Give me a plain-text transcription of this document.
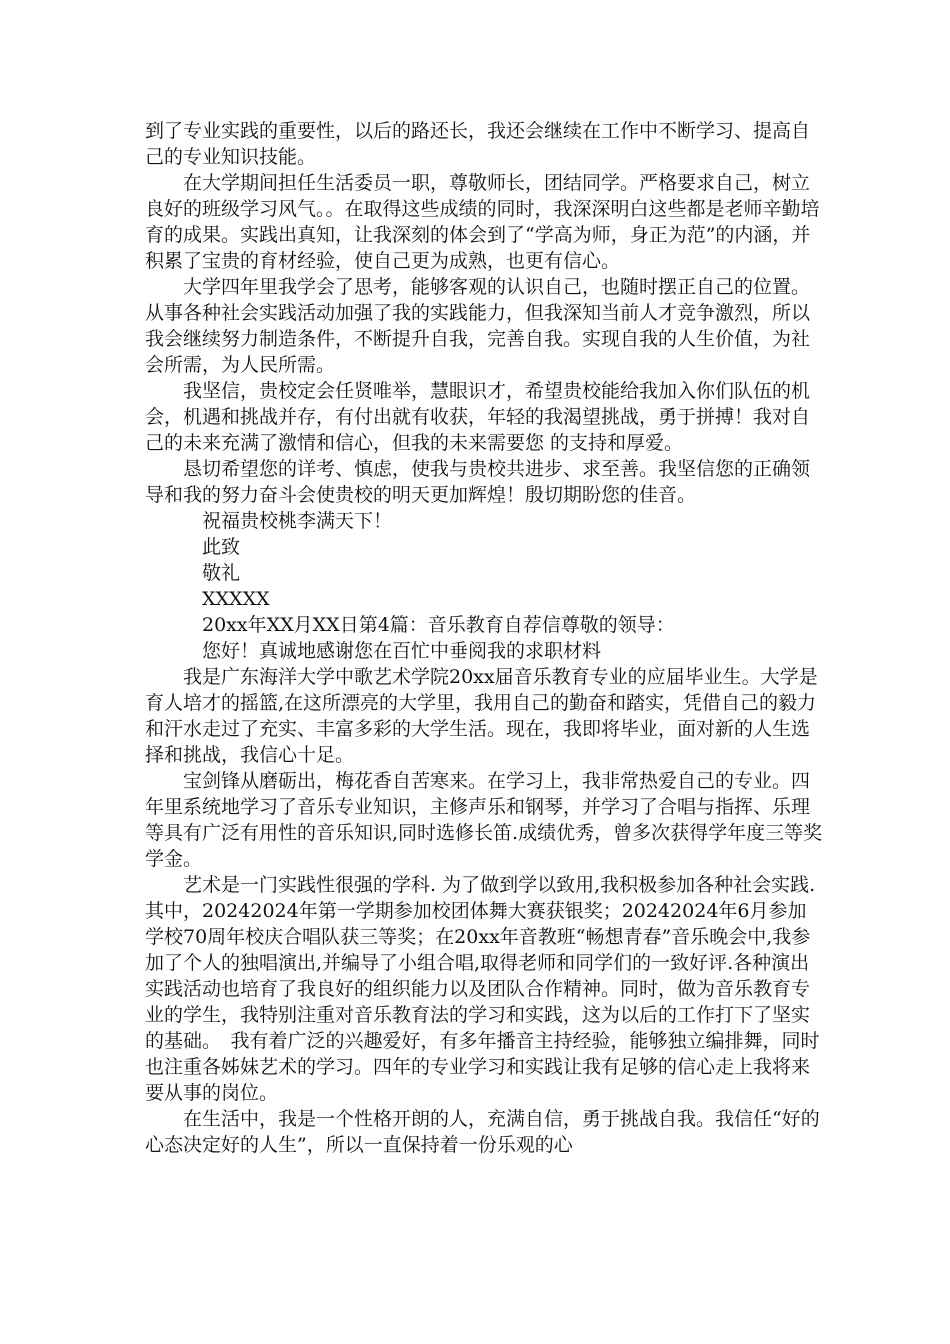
到了专业实践的重要性，以后的路还长，我还会继续在工作中不断学习、提高自己的专业知识技能。

在大学期间担任生活委员一职，尊敬师长，团结同学。严格要求自己，树立良好的班级学习风气。。在取得这些成绩的同时，我深深明白这些都是老师辛勤培育的成果。实践出真知，让我深刻的体会到了“学高为师，身正为范”的内涵，并积累了宝贵的育材经验，使自己更为成熟，也更有信心。

大学四年里我学会了思考，能够客观的认识自己，也随时摆正自己的位置。从事各种社会实践活动加强了我的实践能力，但我深知当前人才竞争激烈，所以我会继续努力制造条件，不断提升自我，完善自我。实现自我的人生价值，为社会所需，为人民所需。

我坚信，贵校定会任贤唯举，慧眼识才，希望贵校能给我加入你们队伍的机会，机遇和挑战并存，有付出就有收获，年轻的我渴望挑战，勇于拼搏！我对自己的未来充满了激情和信心，但我的未来需要您 的支持和厚爱。

恳切希望您的详考、慎虑，使我与贵校共进步、求至善。我坚信您的正确领导和我的努力奋斗会使贵校的明天更加辉煌！殷切期盼您的佳音。

祝福贵校桃李满天下！

此致

敬礼

XXXXX

20xx年XX月XX日第4篇：音乐教育自荐信尊敬的领导：

您好！真诚地感谢您在百忙中垂阅我的求职材料

我是广东海洋大学中歌艺术学院20xx届音乐教育专业的应届毕业生。大学是育人培才的摇篮,在这所漂亮的大学里，我用自己的勤奋和踏实，凭借自己的毅力和汗水走过了充实、丰富多彩的大学生活。现在，我即将毕业，面对新的人生选择和挑战，我信心十足。

宝剑锋从磨砺出，梅花香自苦寒来。在学习上，我非常热爱自己的专业。四年里系统地学习了音乐专业知识，主修声乐和钢琴，并学习了合唱与指挥、乐理等具有广泛有用性的音乐知识,同时选修长笛.成绩优秀，曾多次获得学年度三等奖学金。

艺术是一门实践性很强的学科. 为了做到学以致用,我积极参加各种社会实践.其中，20242024年第一学期参加校团体舞大赛获银奖；20242024年6月参加学校70周年校庆合唱队获三等奖；在20xx年音教班“畅想青春”音乐晚会中,我参加了个人的独唱演出,并编导了小组合唱,取得老师和同学们的一致好评.各种演出实践活动也培育了我良好的组织能力以及团队合作精神。同时，做为音乐教育专业的学生，我特别注重对音乐教育法的学习和实践，这为以后的工作打下了坚实的基础。　我有着广泛的兴趣爱好，有多年播音主持经验，能够独立编排舞，同时也注重各姊妹艺术的学习。四年的专业学习和实践让我有足够的信心走上我将来要从事的岗位。

在生活中，我是一个性格开朗的人，充满自信，勇于挑战自我。我信任“好的心态决定好的人生”，所以一直保持着一份乐观的心
